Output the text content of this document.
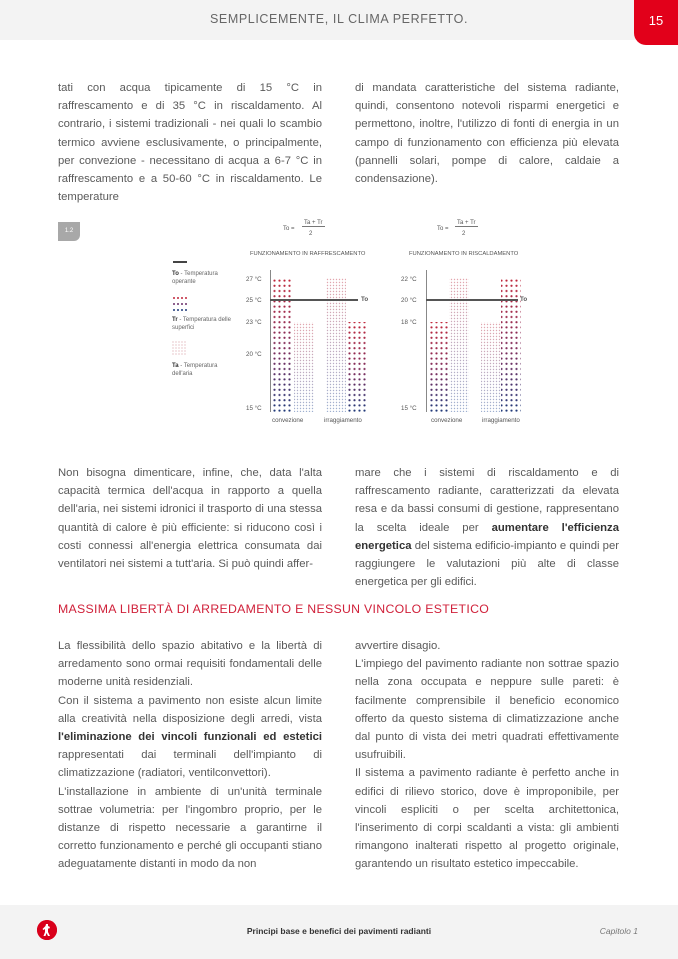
SEMPLICEMENTE, IL CLIMA PERFETTO.	15

tati con acqua tipicamente di 15 °C in raffrescamento e di 35 °C in riscaldamento. Al contrario, i sistemi tradizionali - nei quali lo scambio termico avviene esclusivamente, o principalmente, per convezione - necessitano di acqua a 6-7 °C in raffrescamento e a 50-60 °C in riscaldamento. Le temperature

di mandata caratteristiche del sistema radiante, quindi, consentono notevoli risparmi energetici e permettono, inoltre, l'utilizzo di fonti di energia in un campo di funzionamento con efficienza più elevata (pannelli solari, pompe di calore, caldaie a condensazione).

1.2
To - Temperatura operante
Tr - Temperatura delle superfici
Ta - Temperatura dell'aria
To =
Ta + Tr
2
FUNZIONAMENTO IN RAFFRESCAMENTO
27 °C
25 °C
23 °C
20 °C
15 °C
To
convezione	irraggiamento
To =
Ta + Tr
2
FUNZIONAMENTO IN RISCALDAMENTO
22 °C
20 °C
18 °C
15 °C
To
convezione	irraggiamento

Non bisogna dimenticare, infine, che, data l'alta capacità termica dell'acqua in rapporto a quella dell'aria, nei sistemi idronici il trasporto di una stessa quantità di calore è più efficiente: si riducono così i costi connessi all'energia elettrica consumata dai ventilatori nei sistemi a tutt'aria. Si può quindi affer-

mare che i sistemi di riscaldamento e di raffrescamento radiante, caratterizzati da elevata resa e da bassi consumi di gestione, rappresentano la scelta ideale per aumentare l'efficienza energetica del sistema edificio-impianto e quindi per raggiungere le valutazioni più alte di classe energetica per gli edifici.

MASSIMA LIBERTÀ DI ARREDAMENTO E NESSUN VINCOLO ESTETICO

La flessibilità dello spazio abitativo e la libertà di arredamento sono ormai requisiti fondamentali delle moderne unità residenziali.

Con il sistema a pavimento non esiste alcun limite alla creatività nella disposizione degli arredi, vista l'eliminazione dei vincoli funzionali ed estetici rappresentati dai terminali dell'impianto di climatizzazione (radiatori, ventilconvettori).

L'installazione in ambiente di un'unità terminale sottrae volumetria: per l'ingombro proprio, per le distanze di rispetto necessarie a garantirne il corretto funzionamento e perché gli occupanti stiano adeguatamente distanti in modo da non

avvertire disagio.

L'impiego del pavimento radiante non sottrae spazio nella zona occupata e neppure sulle pareti: è facilmente comprensibile il beneficio economico offerto da questo sistema di climatizzazione anche dal punto di vista dei metri quadrati effettivamente usufruibili.

Il sistema a pavimento radiante è perfetto anche in edifici di rilievo storico, dove è improponibile, per vincoli espliciti o per scelta architettonica, l'inserimento di corpi scaldanti a vista: gli ambienti rimangono inalterati rispetto al progetto originale, garantendo un risultato estetico impeccabile.

Principi base e benefici dei pavimenti radianti	Capitolo 1
